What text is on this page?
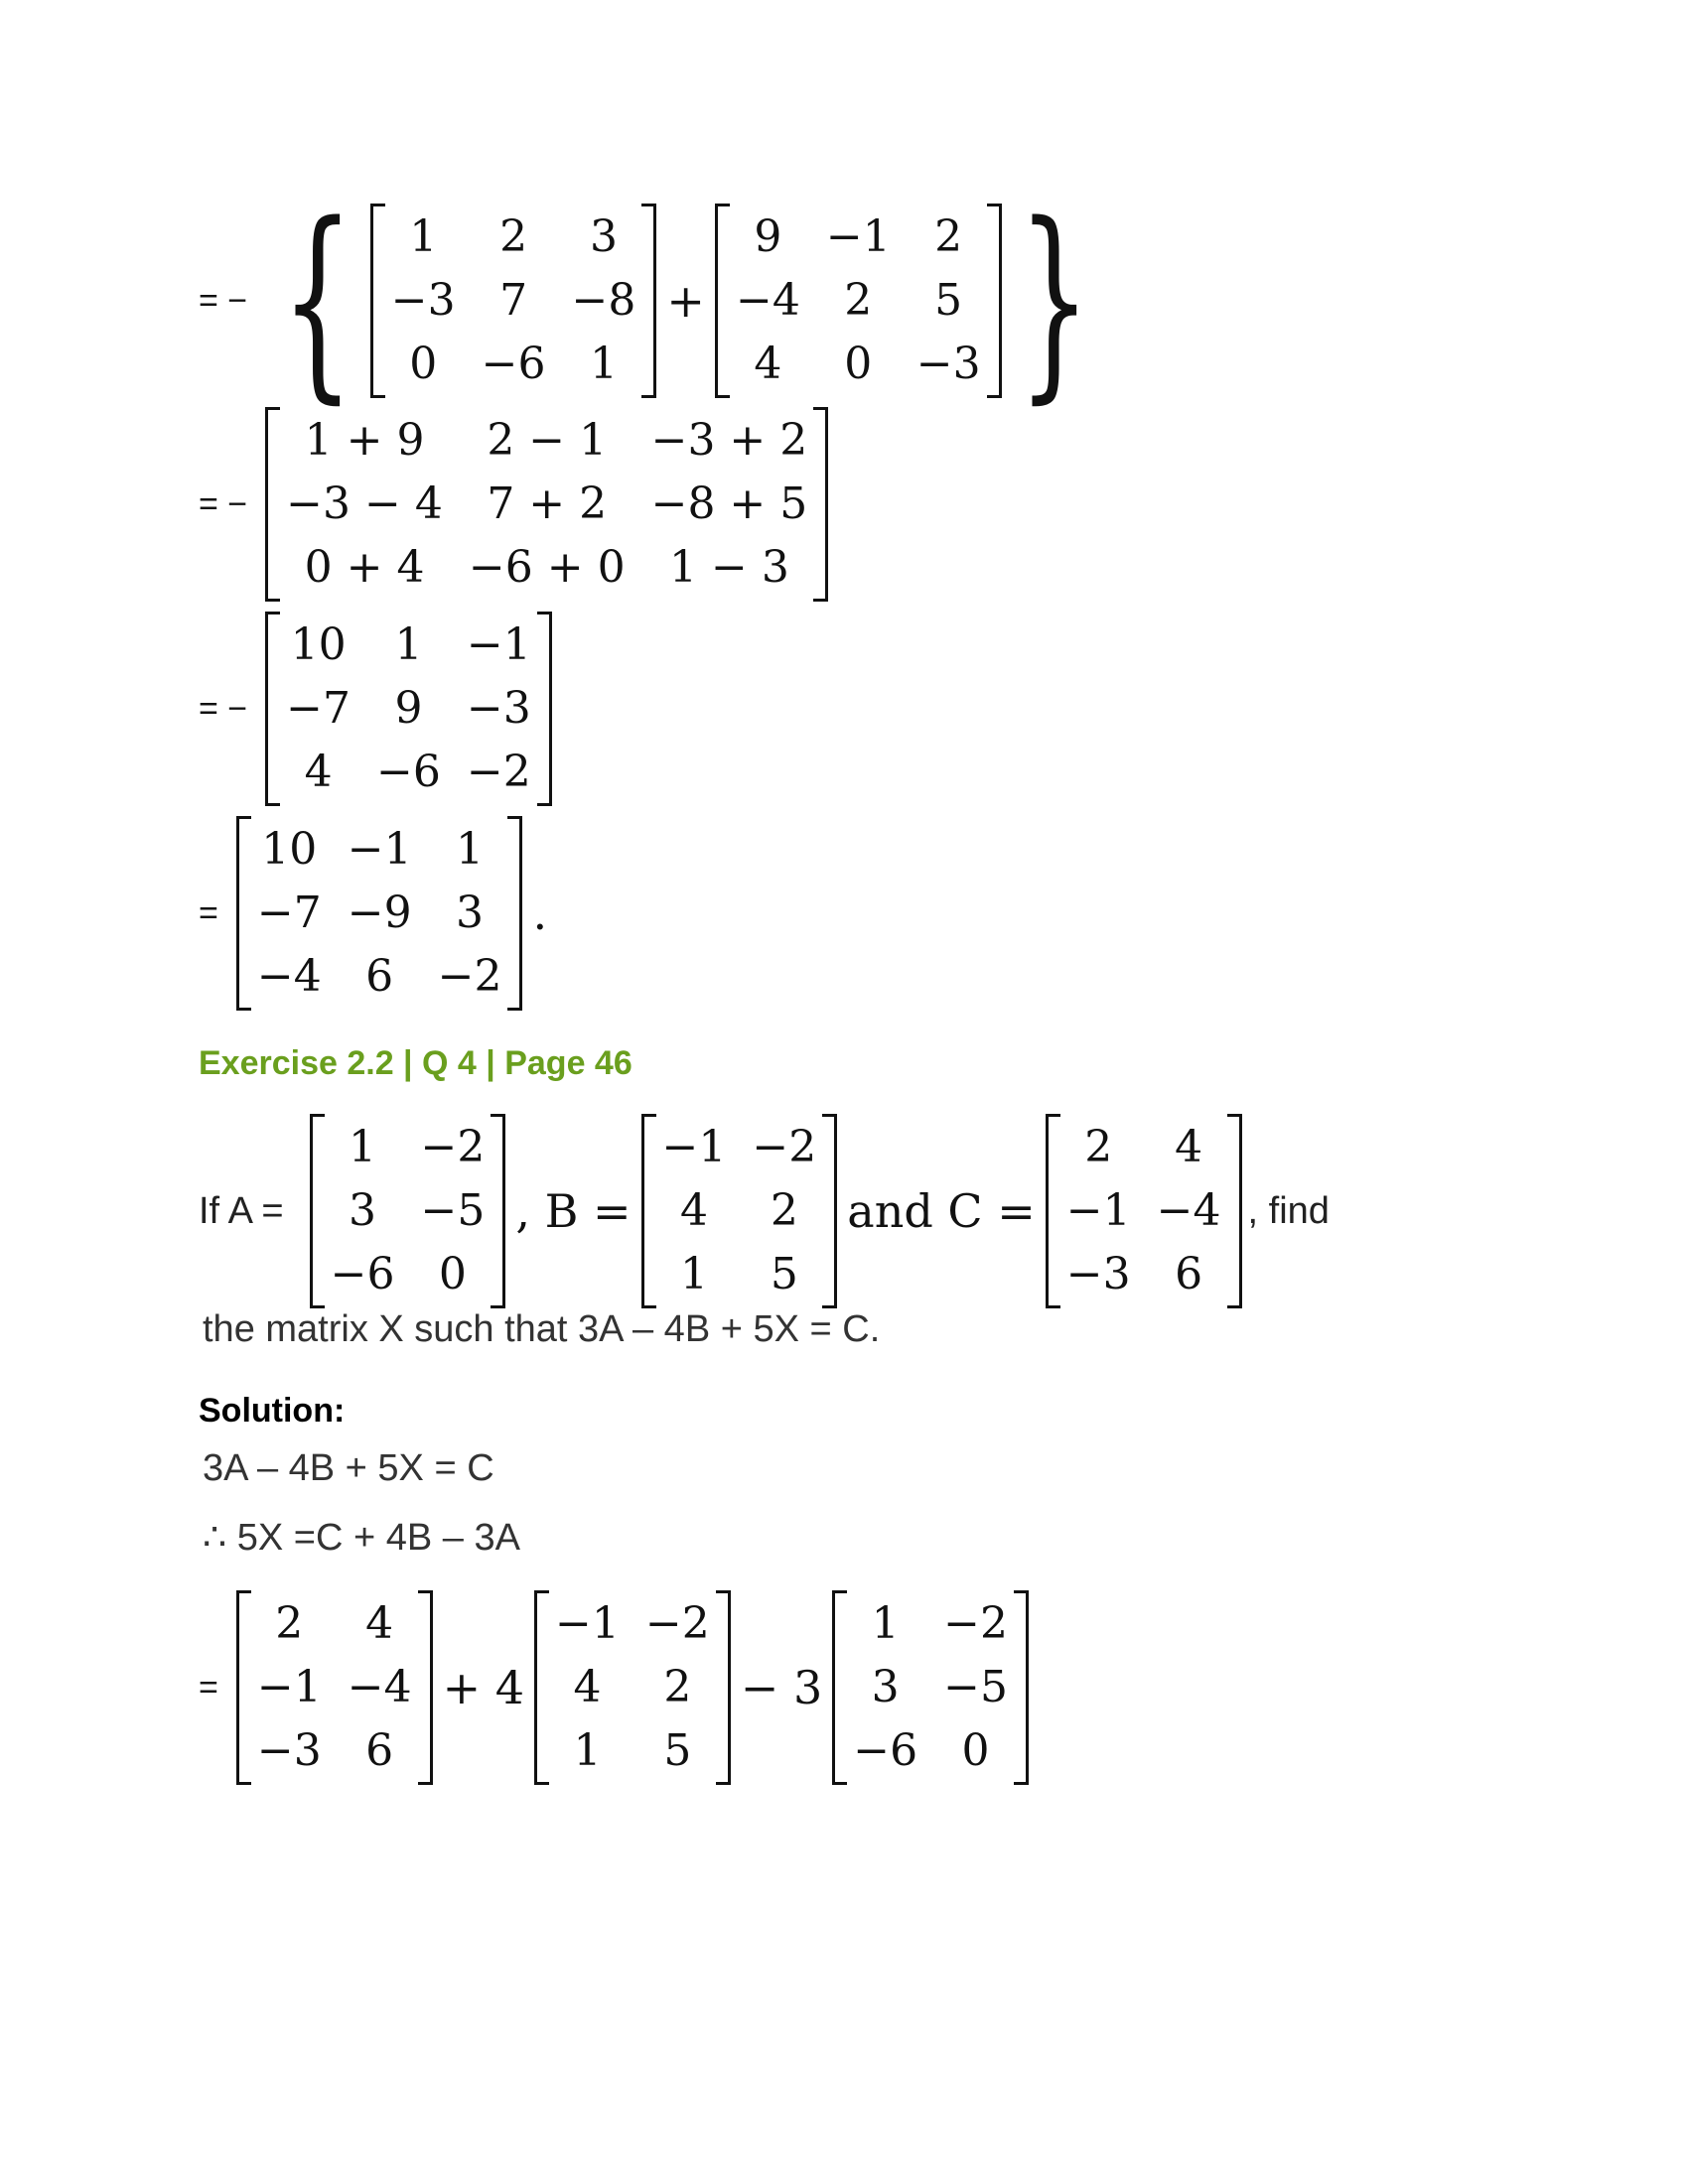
= − {	1	2	3
−3	7	−8
0	−6	1
+
9	−1	2
−4	2	5
4	0	−3 }
= −
1 + 9	2 − 1	−3 + 2
−3 − 4	7 + 2	−8 + 5
0 + 4	−6 + 0	1 − 3
= −
10	1	−1
−7	9	−3
4	−6 −2
=
10 −1	1
−7 −9	3
−4	6	−2
.
Exercise 2.2 | Q 4 | Page 46
If A =
1	−2
3	−5
−6	0
, B =
−1 −2
4	2
1	5
and C =
2	4
−1 −4
−3	6
, find
the matrix X such that 3A – 4B + 5X = C.
Solution:
3A – 4B + 5X = C
∴ 5X =C + 4B – 3A
=
2	4
−1 −4
−3	6
+ 4
−1 −2
4	2
1	5
− 3
1	−2
3	−5
−6	0
